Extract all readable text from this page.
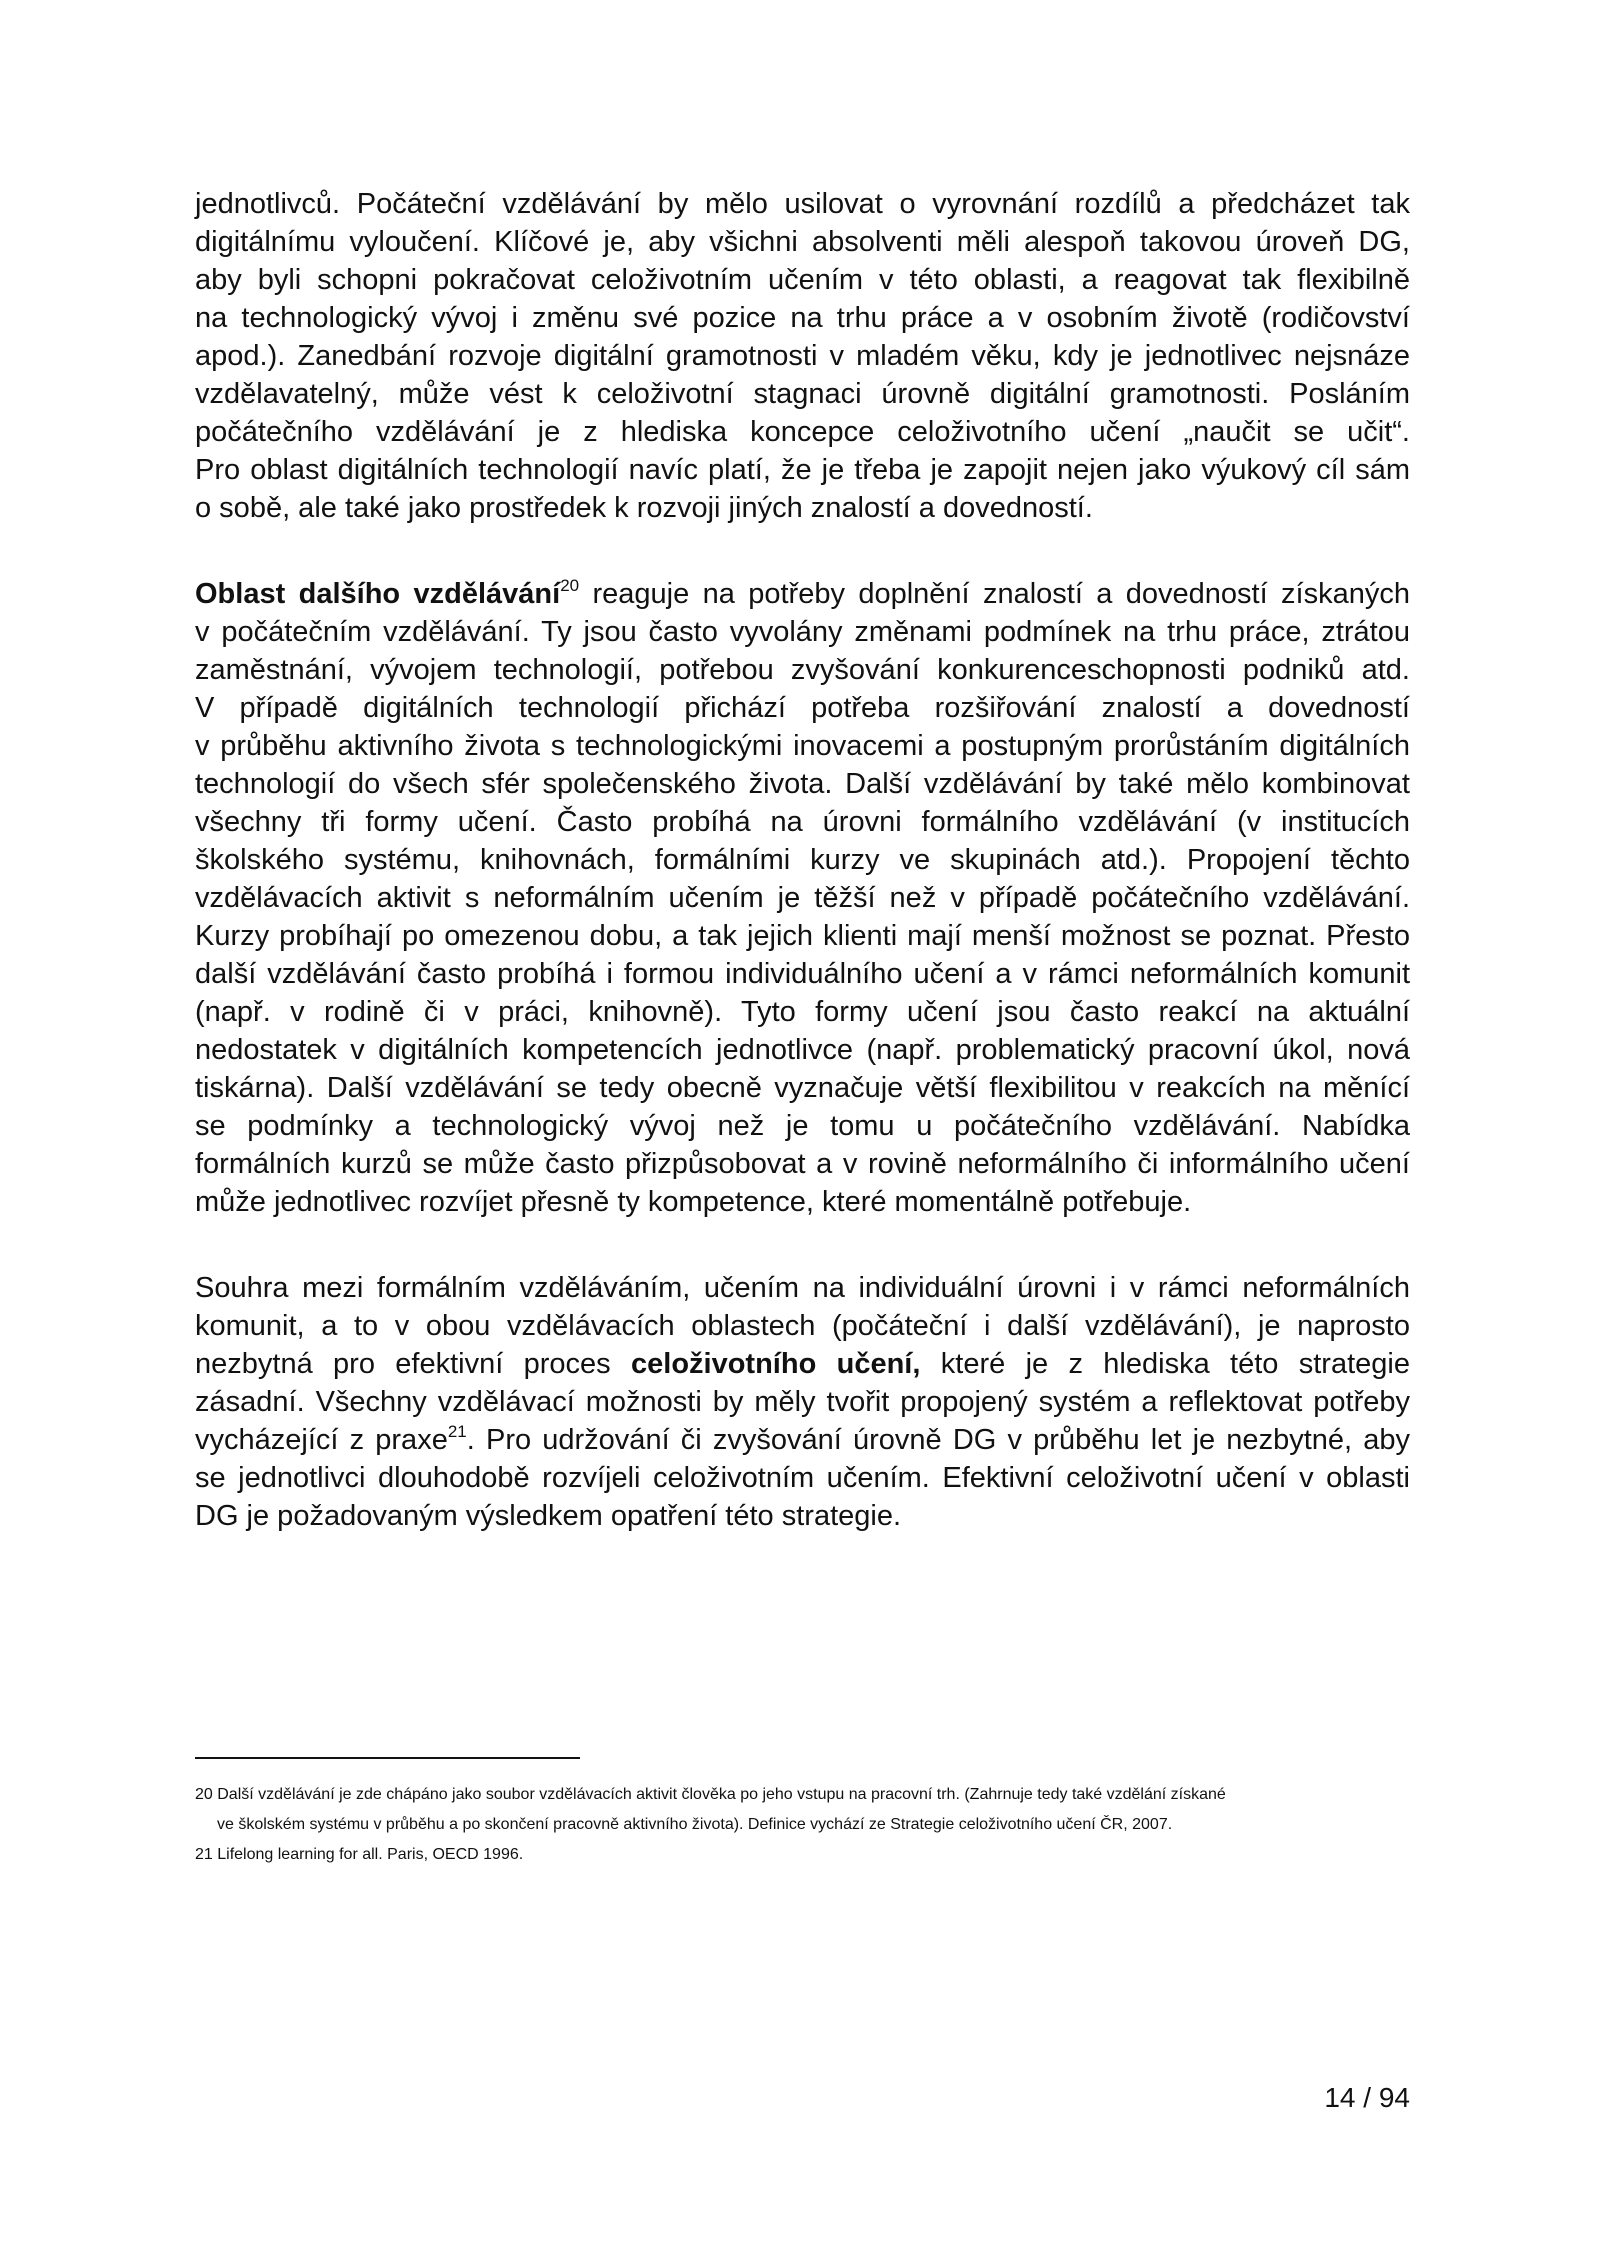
jednotlivců. Počáteční vzdělávání by mělo usilovat o vyrovnání rozdílů a předcházet tak
digitálnímu vyloučení. Klíčové je, aby všichni absolventi měli alespoň takovou úroveň DG,
aby byli schopni pokračovat celoživotním učením v této oblasti, a reagovat tak flexibilně
na technologický vývoj i změnu své pozice na trhu práce a v osobním životě (rodičovství
apod.). Zanedbání rozvoje digitální gramotnosti v mladém věku, kdy je jednotlivec nejsnáze
vzdělavatelný, může vést k celoživotní stagnaci úrovně digitální gramotnosti. Posláním
počátečního vzdělávání je z hlediska koncepce celoživotního učení „naučit se učit“.
Pro oblast digitálních technologií navíc platí, že je třeba je zapojit nejen jako výukový cíl sám
o sobě, ale také jako prostředek k rozvoji jiných znalostí a dovedností.

Oblast dalšího vzdělávání$^{20}$ reaguje na potřeby doplnění znalostí a dovedností získaných
v počátečním vzdělávání. Ty jsou často vyvolány změnami podmínek na trhu práce, ztrátou
zaměstnání, vývojem technologií, potřebou zvyšování konkurenceschopnosti podniků atd.
V případě digitálních technologií přichází potřeba rozšiřování znalostí a dovedností
v průběhu aktivního života s technologickými inovacemi a postupným prorůstáním digitálních
technologií do všech sfér společenského života. Další vzdělávání by také mělo kombinovat
všechny tři formy učení. Často probíhá na úrovni formálního vzdělávání (v institucích
školského systému, knihovnách, formálními kurzy ve skupinách atd.). Propojení těchto
vzdělávacích aktivit s neformálním učením je těžší než v případě počátečního vzdělávání.
Kurzy probíhají po omezenou dobu, a tak jejich klienti mají menší možnost se poznat. Přesto
další vzdělávání často probíhá i formou individuálního učení a v rámci neformálních komunit
(např. v rodině či v práci, knihovně). Tyto formy učení jsou často reakcí na aktuální
nedostatek v digitálních kompetencích jednotlivce (např. problematický pracovní úkol, nová
tiskárna). Další vzdělávání se tedy obecně vyznačuje větší flexibilitou v reakcích na měnící
se podmínky a technologický vývoj než je tomu u počátečního vzdělávání. Nabídka
formálních kurzů se může často přizpůsobovat a v rovině neformálního či informálního učení
může jednotlivec rozvíjet přesně ty kompetence, které momentálně potřebuje.

Souhra mezi formálním vzděláváním, učením na individuální úrovni i v rámci neformálních
komunit, a to v obou vzdělávacích oblastech (počáteční i další vzdělávání), je naprosto
nezbytná pro efektivní proces celoživotního učení, které je z hlediska této strategie
zásadní. Všechny vzdělávací možnosti by měly tvořit propojený systém a reflektovat potřeby
vycházející z praxe$^{21}$. Pro udržování či zvyšování úrovně DG v průběhu let je nezbytné, aby
se jednotlivci dlouhodobě rozvíjeli celoživotním učením. Efektivní celoživotní učení v oblasti
DG je požadovaným výsledkem opatření této strategie.

20 Další vzdělávání je zde chápáno jako soubor vzdělávacích aktivit člověka po jeho vstupu na pracovní trh. (Zahrnuje tedy také vzdělání získané
ve školském systému v průběhu a po skončení pracovně aktivního života). Definice vychází ze Strategie celoživotního učení ČR, 2007.
21 Lifelong learning for all. Paris, OECD 1996.
14 / 94
